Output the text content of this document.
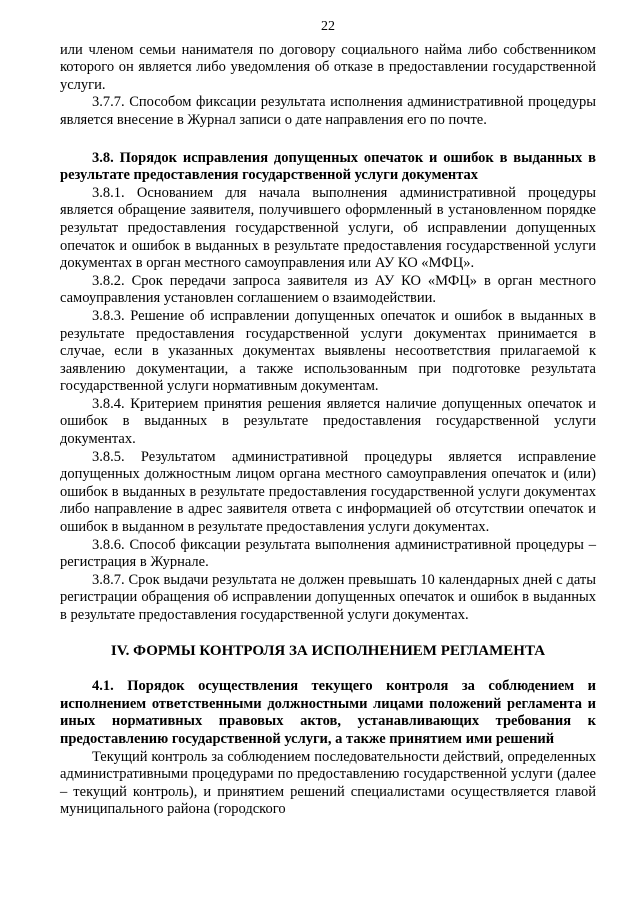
22

или членом семьи нанимателя по договору социального найма либо собственником которого он является либо уведомления об отказе в предоставлении государственной услуги.

3.7.7. Способом фиксации результата исполнения административной процедуры является внесение в Журнал записи о дате направления его по почте.

3.8. Порядок исправления допущенных опечаток и ошибок в выданных в результате предоставления государственной услуги документах

3.8.1. Основанием для начала выполнения административной процедуры является обращение заявителя, получившего оформленный в установленном порядке результат предоставления государственной услуги, об исправлении допущенных опечаток и ошибок в выданных в результате предоставления государственной услуги документах в орган местного самоуправления или АУ КО «МФЦ».

3.8.2. Срок передачи запроса заявителя из АУ КО «МФЦ» в орган местного самоуправления установлен соглашением о взаимодействии.

3.8.3. Решение об исправлении допущенных опечаток и ошибок в выданных в результате предоставления государственной услуги документах принимается в случае, если в указанных документах выявлены несоответствия прилагаемой к заявлению документации, а также использованным при подготовке результата государственной услуги нормативным документам.

3.8.4. Критерием принятия решения является наличие допущенных опечаток и ошибок в выданных в результате предоставления государственной услуги документах.

3.8.5. Результатом административной процедуры является исправление допущенных должностным лицом органа местного самоуправления опечаток и (или) ошибок в выданных в результате предоставления государственной услуги документах либо направление в адрес заявителя ответа с информацией об отсутствии опечаток и ошибок в выданном в результате предоставления услуги документах.

3.8.6. Способ фиксации результата выполнения административной процедуры – регистрация в Журнале.

3.8.7. Срок выдачи результата не должен превышать 10 календарных дней с даты регистрации обращения об исправлении допущенных опечаток и ошибок в выданных в результате предоставления государственной услуги документах.

IV. ФОРМЫ КОНТРОЛЯ ЗА ИСПОЛНЕНИЕМ РЕГЛАМЕНТА

4.1. Порядок осуществления текущего контроля за соблюдением и исполнением ответственными должностными лицами положений регламента и иных нормативных правовых актов, устанавливающих требования к предоставлению государственной услуги, а также принятием ими решений

Текущий контроль за соблюдением последовательности действий, определенных административными процедурами по предоставлению государственной услуги (далее – текущий контроль), и принятием решений специалистами осуществляется главой муниципального района (городского
